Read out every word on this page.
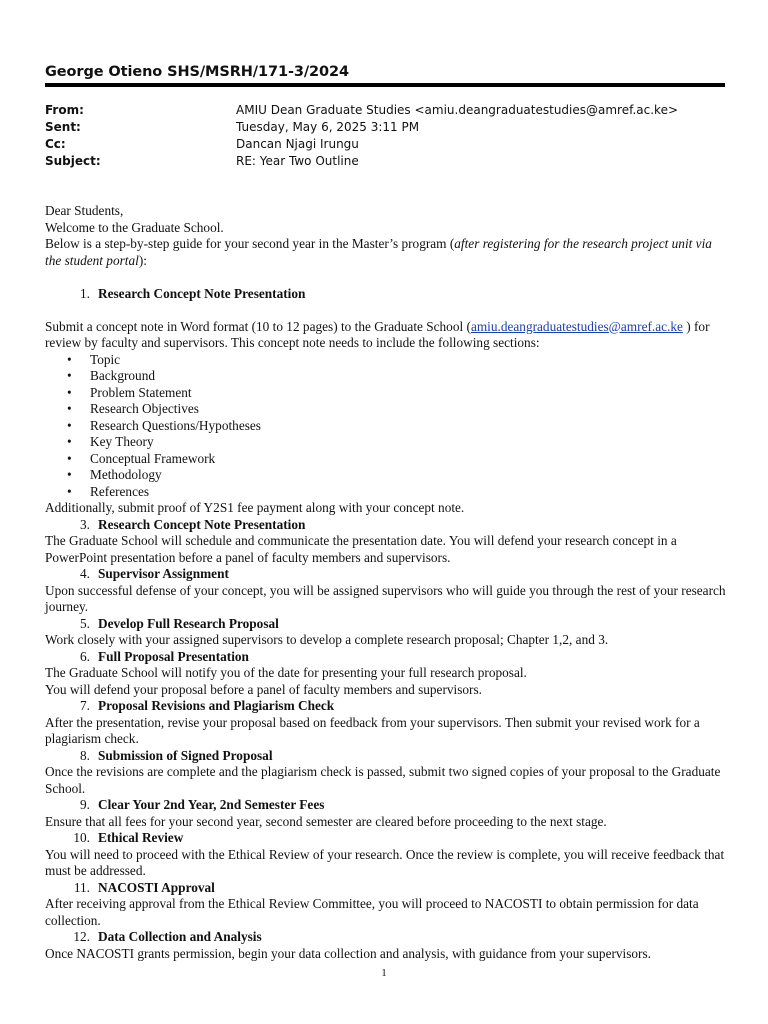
George Otieno SHS/MSRH/171-3/2024
From:	AMIU Dean Graduate Studies <amiu.deangraduatestudies@amref.ac.ke>
Sent:	Tuesday, May 6, 2025 3:11 PM
Cc:	Dancan Njagi Irungu
Subject:	RE: Year Two Outline

Dear Students,

Welcome to the Graduate School.

Below is a step-by-step guide for your second year in the Master’s program (after registering for the research project unit via the student portal):

1. Research Concept Note Presentation

Submit a concept note in Word format (10 to 12 pages) to the Graduate School (amiu.deangraduatestudies@amref.ac.ke ) for review by faculty and supervisors. This concept note needs to include the following sections:

•	Topic
•	Background
•	Problem Statement
•	Research Objectives
•	Research Questions/Hypotheses
•	Key Theory
•	Conceptual Framework
•	Methodology
•	References

Additionally, submit proof of Y2S1 fee payment along with your concept note.

3. Research Concept Note Presentation

The Graduate School will schedule and communicate the presentation date. You will defend your research concept in a PowerPoint presentation before a panel of faculty members and supervisors.

4. Supervisor Assignment

Upon successful defense of your concept, you will be assigned supervisors who will guide you through the rest of your research journey.

5. Develop Full Research Proposal

Work closely with your assigned supervisors to develop a complete research proposal; Chapter 1,2, and 3.

6. Full Proposal Presentation

The Graduate School will notify you of the date for presenting your full research proposal.

You will defend your proposal before a panel of faculty members and supervisors.

7. Proposal Revisions and Plagiarism Check

After the presentation, revise your proposal based on feedback from your supervisors. Then submit your revised work for a plagiarism check.

8. Submission of Signed Proposal

Once the revisions are complete and the plagiarism check is passed, submit two signed copies of your proposal to the Graduate School.

9. Clear Your 2nd Year, 2nd Semester Fees

Ensure that all fees for your second year, second semester are cleared before proceeding to the next stage.

10. Ethical Review

You will need to proceed with the Ethical Review of your research. Once the review is complete, you will receive feedback that must be addressed.

11. NACOSTI Approval

After receiving approval from the Ethical Review Committee, you will proceed to NACOSTI to obtain permission for data collection.

12. Data Collection and Analysis

Once NACOSTI grants permission, begin your data collection and analysis, with guidance from your supervisors.

1
